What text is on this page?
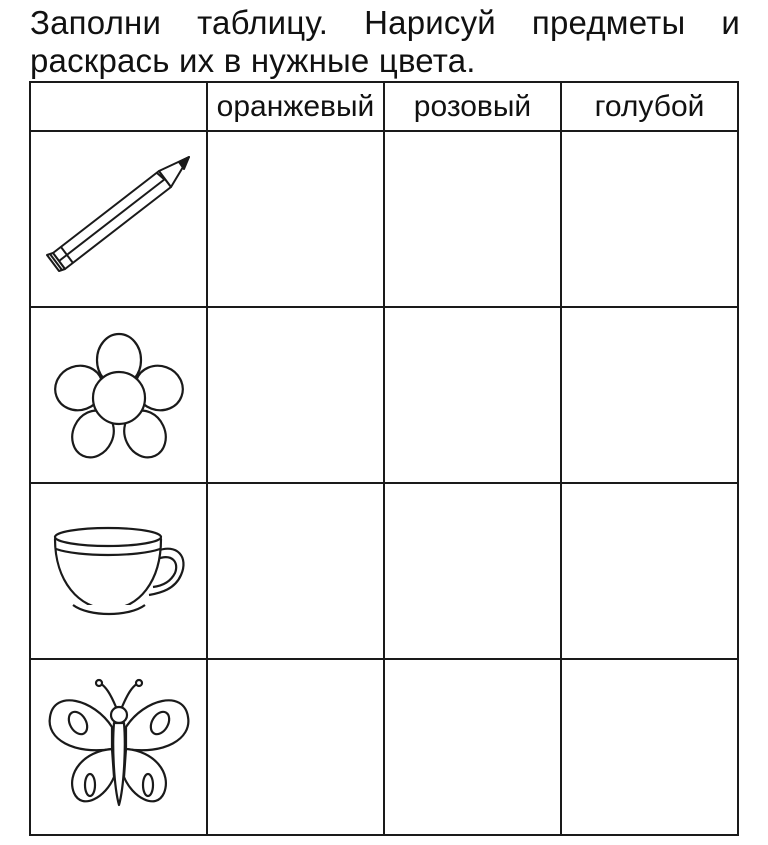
Заполни таблицу. Нарисуй предметы и
раскрась их в нужные цвета.
	оранжевый	розовый	голубой
